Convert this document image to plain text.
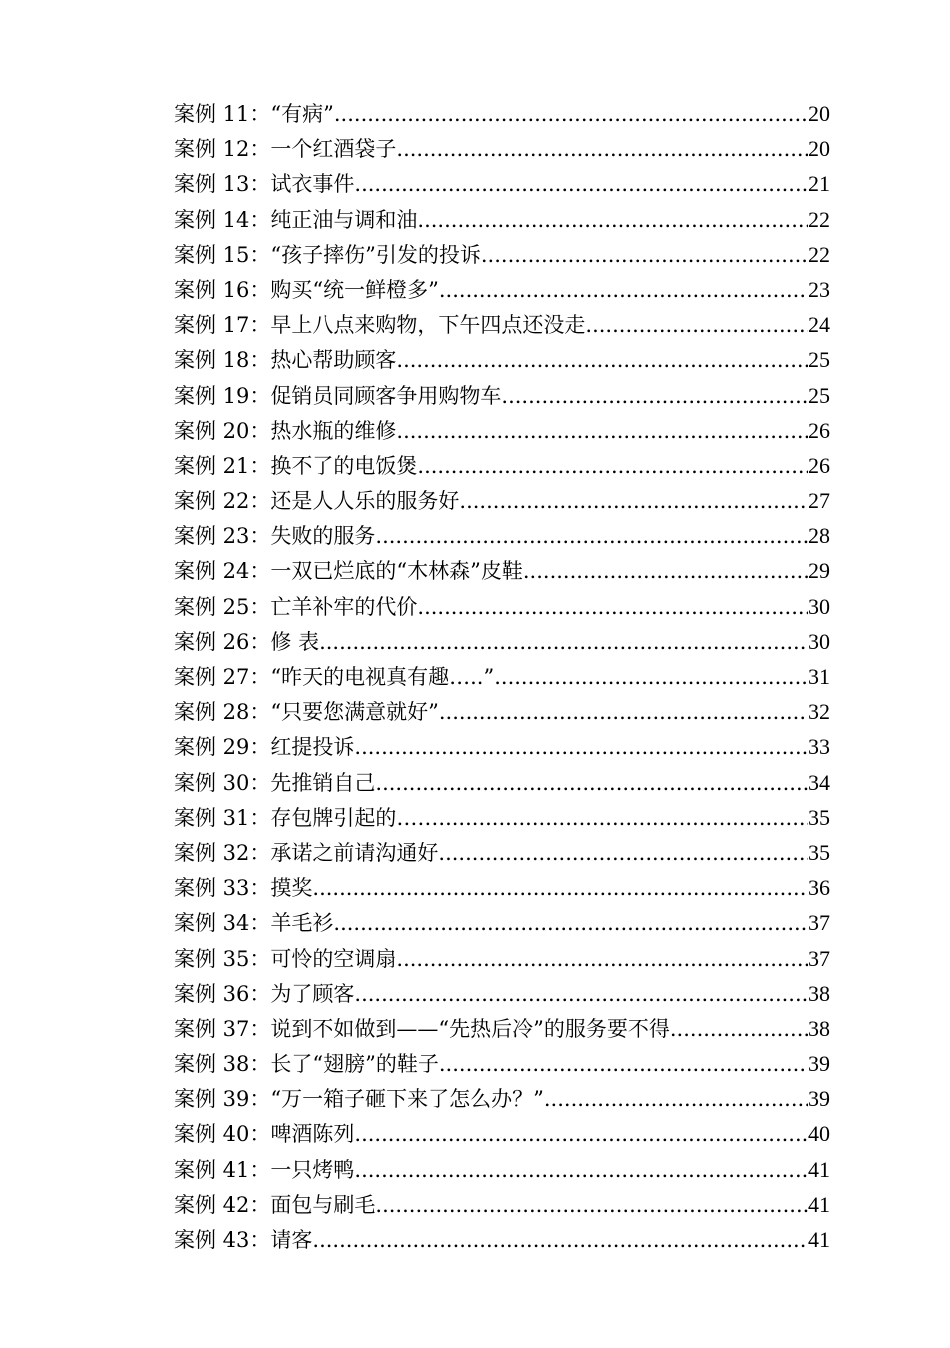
案例 11：“有病” .....	20
案例 12：一个红酒袋子 .....	20
案例 13：试衣事件 .....	21
案例 14：纯正油与调和油 .....	22
案例 15：“孩子摔伤”引发的投诉 .....	22
案例 16：购买“统一鲜橙多” .....	23
案例 17：早上八点来购物，下午四点还没走 .....	24
案例 18：热心帮助顾客 .....	25
案例 19：促销员同顾客争用购物车 .....	25
案例 20：热水瓶的维修 .....	26
案例 21：换不了的电饭煲 .....	26
案例 22：还是人人乐的服务好 .....	27
案例 23：失败的服务 .....	28
案例 24：一双已烂底的“木林森”皮鞋 .....	29
案例 25：亡羊补牢的代价 .....	30
案例 26：修 表 .....	30
案例 27：“昨天的电视真有趣…..” .....	31
案例 28：“只要您满意就好” .....	32
案例 29：红提投诉 .....	33
案例 30：先推销自己 .....	34
案例 31：存包牌引起的…… .....	35
案例 32：承诺之前请沟通好 .....	35
案例 33：摸奖 .....	36
案例 34：羊毛衫 .....	37
案例 35：可怜的空调扇 .....	37
案例 36：为了顾客 .....	38
案例 37：说到不如做到——“先热后冷”的服务要不得 .....	38
案例 38：长了“翅膀”的鞋子 .....	39
案例 39：“万一箱子砸下来了怎么办？” .....	39
案例 40：啤酒陈列 .....	40
案例 41：一只烤鸭 .....	41
案例 42：面包与刷毛 .....	41
案例 43：请客 .....	41
